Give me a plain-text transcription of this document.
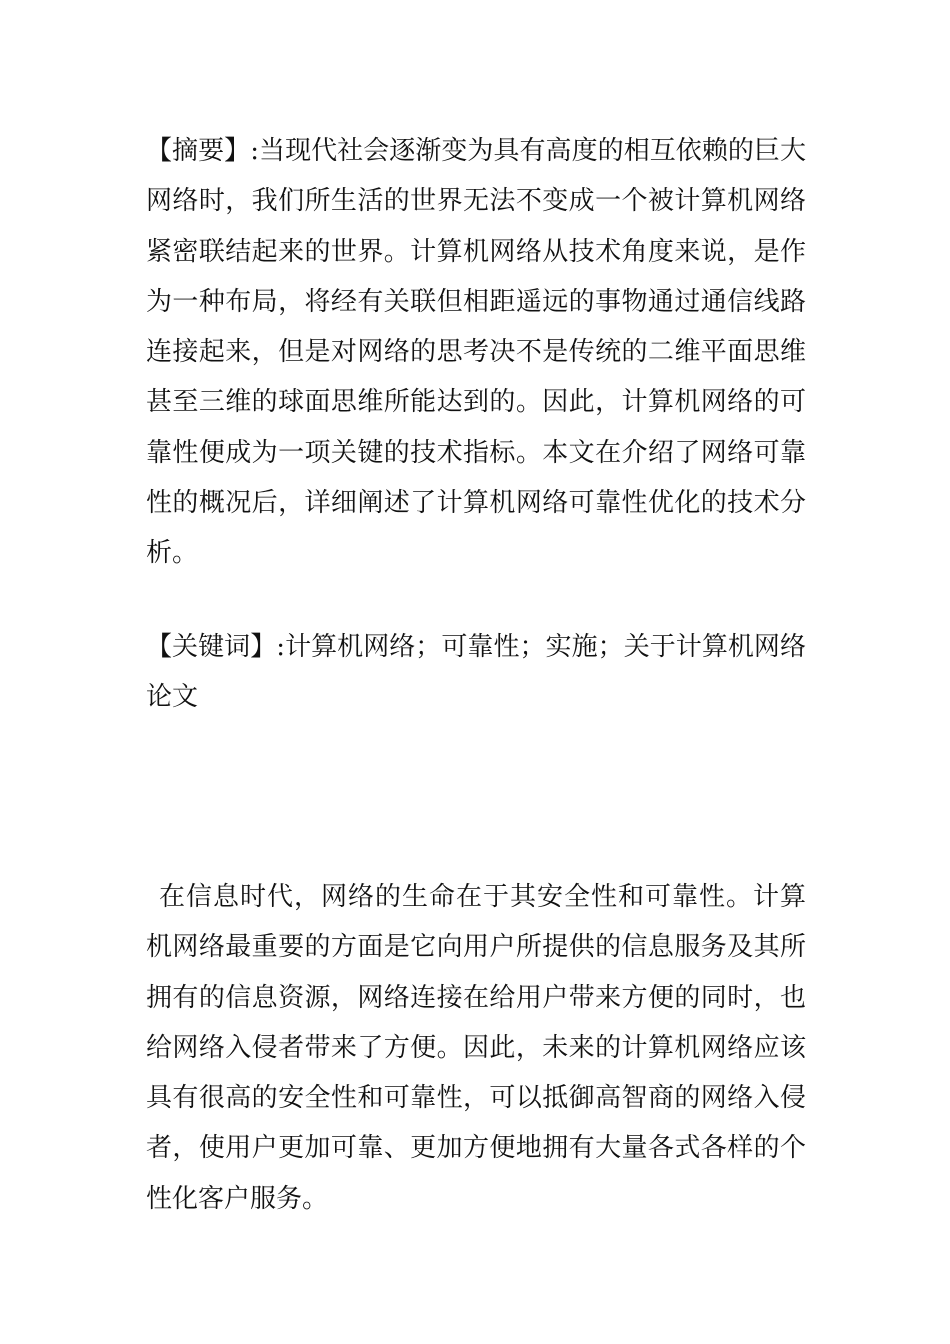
【摘要】:当现代社会逐渐变为具有高度的相互依赖的巨大网络时，我们所生活的世界无法不变成一个被计算机网络紧密联结起来的世界。计算机网络从技术角度来说，是作为一种布局，将经有关联但相距遥远的事物通过通信线路连接起来，但是对网络的思考决不是传统的二维平面思维甚至三维的球面思维所能达到的。因此，计算机网络的可靠性便成为一项关键的技术指标。本文在介绍了网络可靠性的概况后，详细阐述了计算机网络可靠性优化的技术分析。

【关键词】:计算机网络；可靠性；实施；关于计算机网络论文

在信息时代，网络的生命在于其安全性和可靠性。计算机网络最重要的方面是它向用户所提供的信息服务及其所拥有的信息资源，网络连接在给用户带来方便的同时，也给网络入侵者带来了方便。因此，未来的计算机网络应该具有很高的安全性和可靠性，可以抵御高智商的网络入侵者，使用户更加可靠、更加方便地拥有大量各式各样的个性化客户服务。
